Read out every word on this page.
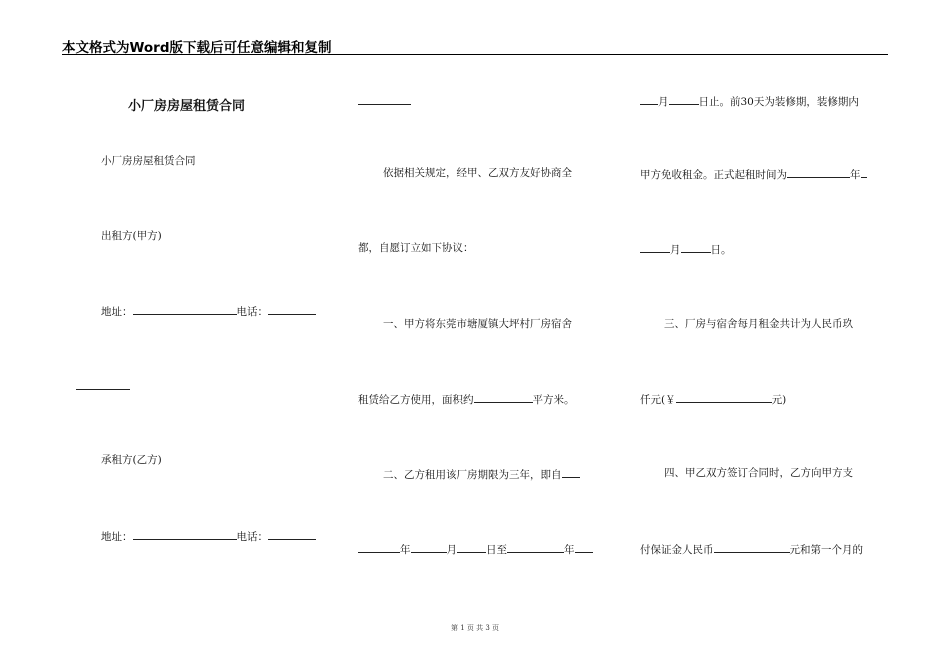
本文格式为Word版下载后可任意编辑和复制
小厂房房屋租赁合同
小厂房房屋租赁合同
出租方(甲方)
地址：	电话：
承租方(乙方)
地址：	电话：
依据相关规定，经甲、乙双方友好协商全
都，自愿订立如下协议：
一、甲方将东莞市塘厦镇大坪村厂房宿舍
租赁给乙方使用，面积约	平方米。
二、乙方租用该厂房期限为三年，即自
年	月	日至	年
月	日止。前30天为装修期，装修期内
甲方免收租金。正式起租时间为	年
月	日。
三、厂房与宿舍每月租金共计为人民币玖
仟元(￥	元)
四、甲乙双方签订合同时，乙方向甲方支
付保证金人民币	元和第一个月的
第 1 页 共 3 页
